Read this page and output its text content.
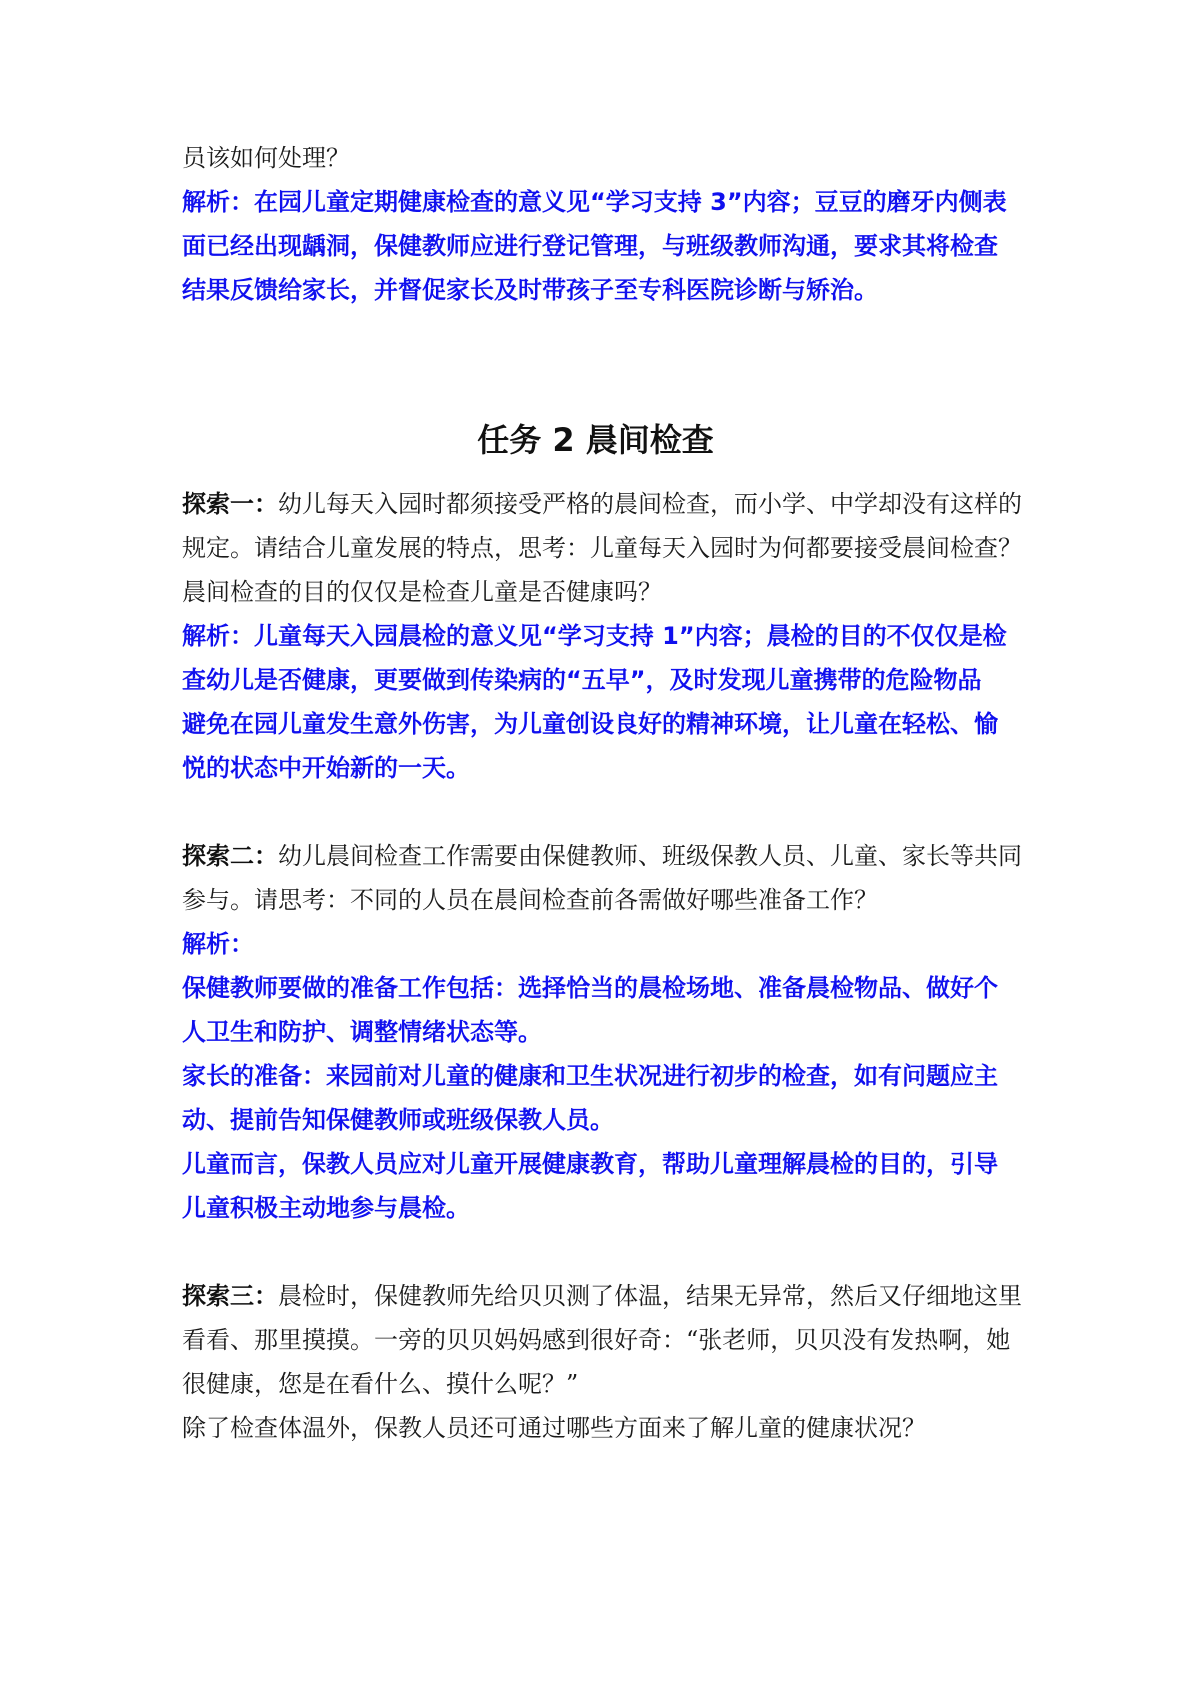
员该如何处理？
解析：在园儿童定期健康检查的意义见“学习支持 3”内容；豆豆的磨牙内侧表
面已经出现龋洞，保健教师应进行登记管理，与班级教师沟通，要求其将检查
结果反馈给家长，并督促家长及时带孩子至专科医院诊断与矫治。
任务 2 晨间检查
探索一：幼儿每天入园时都须接受严格的晨间检查，而小学、中学却没有这样的
规定。请结合儿童发展的特点，思考：儿童每天入园时为何都要接受晨间检查？
晨间检查的目的仅仅是检查儿童是否健康吗？
解析：儿童每天入园晨检的意义见“学习支持 1”内容；晨检的目的不仅仅是检
查幼儿是否健康，更要做到传染病的“五早”，及时发现儿童携带的危险物品
避免在园儿童发生意外伤害，为儿童创设良好的精神环境，让儿童在轻松、愉
悦的状态中开始新的一天。
探索二：幼儿晨间检查工作需要由保健教师、班级保教人员、儿童、家长等共同
参与。请思考：不同的人员在晨间检查前各需做好哪些准备工作？
解析：
保健教师要做的准备工作包括：选择恰当的晨检场地、准备晨检物品、做好个
人卫生和防护、调整情绪状态等。
家长的准备：来园前对儿童的健康和卫生状况进行初步的检查，如有问题应主
动、提前告知保健教师或班级保教人员。
儿童而言，保教人员应对儿童开展健康教育，帮助儿童理解晨检的目的，引导
儿童积极主动地参与晨检。
探索三：晨检时，保健教师先给贝贝测了体温，结果无异常，然后又仔细地这里
看看、那里摸摸。一旁的贝贝妈妈感到很好奇：“张老师，贝贝没有发热啊，她
很健康，您是在看什么、摸什么呢？”
除了检查体温外，保教人员还可通过哪些方面来了解儿童的健康状况？
